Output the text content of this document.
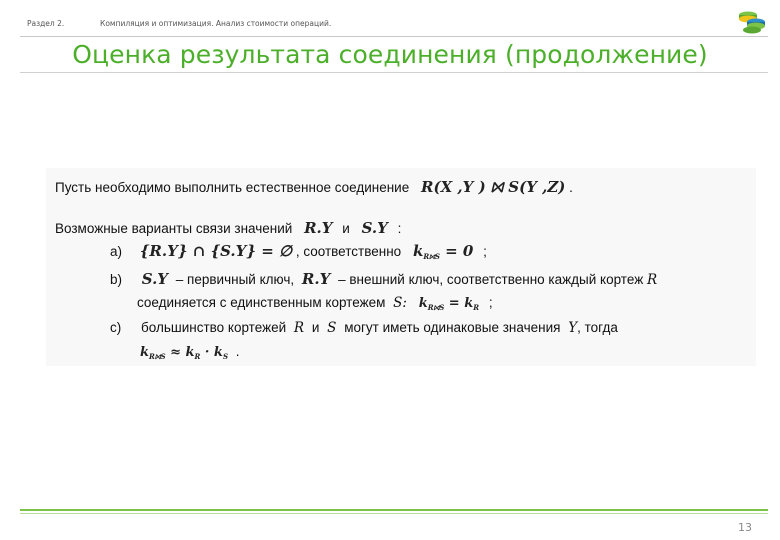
Раздел 2.	Компиляция и оптимизация. Анализ стоимости операций.
Оценка результата соединения (продолжение)
Пусть необходимо выполнить естественное соединение R(X ,Y ) ⨝ S(Y ,Z) .
Возможные варианты связи значений R.Y и S.Y :
a) {R.Y} ∩ {S.Y} = ∅ , соответственно $k_{R⨝S} = 0$ ;
b) S.Y – первичный ключ, R.Y – внешний ключ, соответственно каждый кортеж R
соединяется с единственным кортежем S: $k_{R⨝S} = k_R$ ;
c) большинство кортежей R и S могут иметь одинаковые значения Y, тогда
$k_{R⨝S} \approx k_R \cdot k_S$ .
13
